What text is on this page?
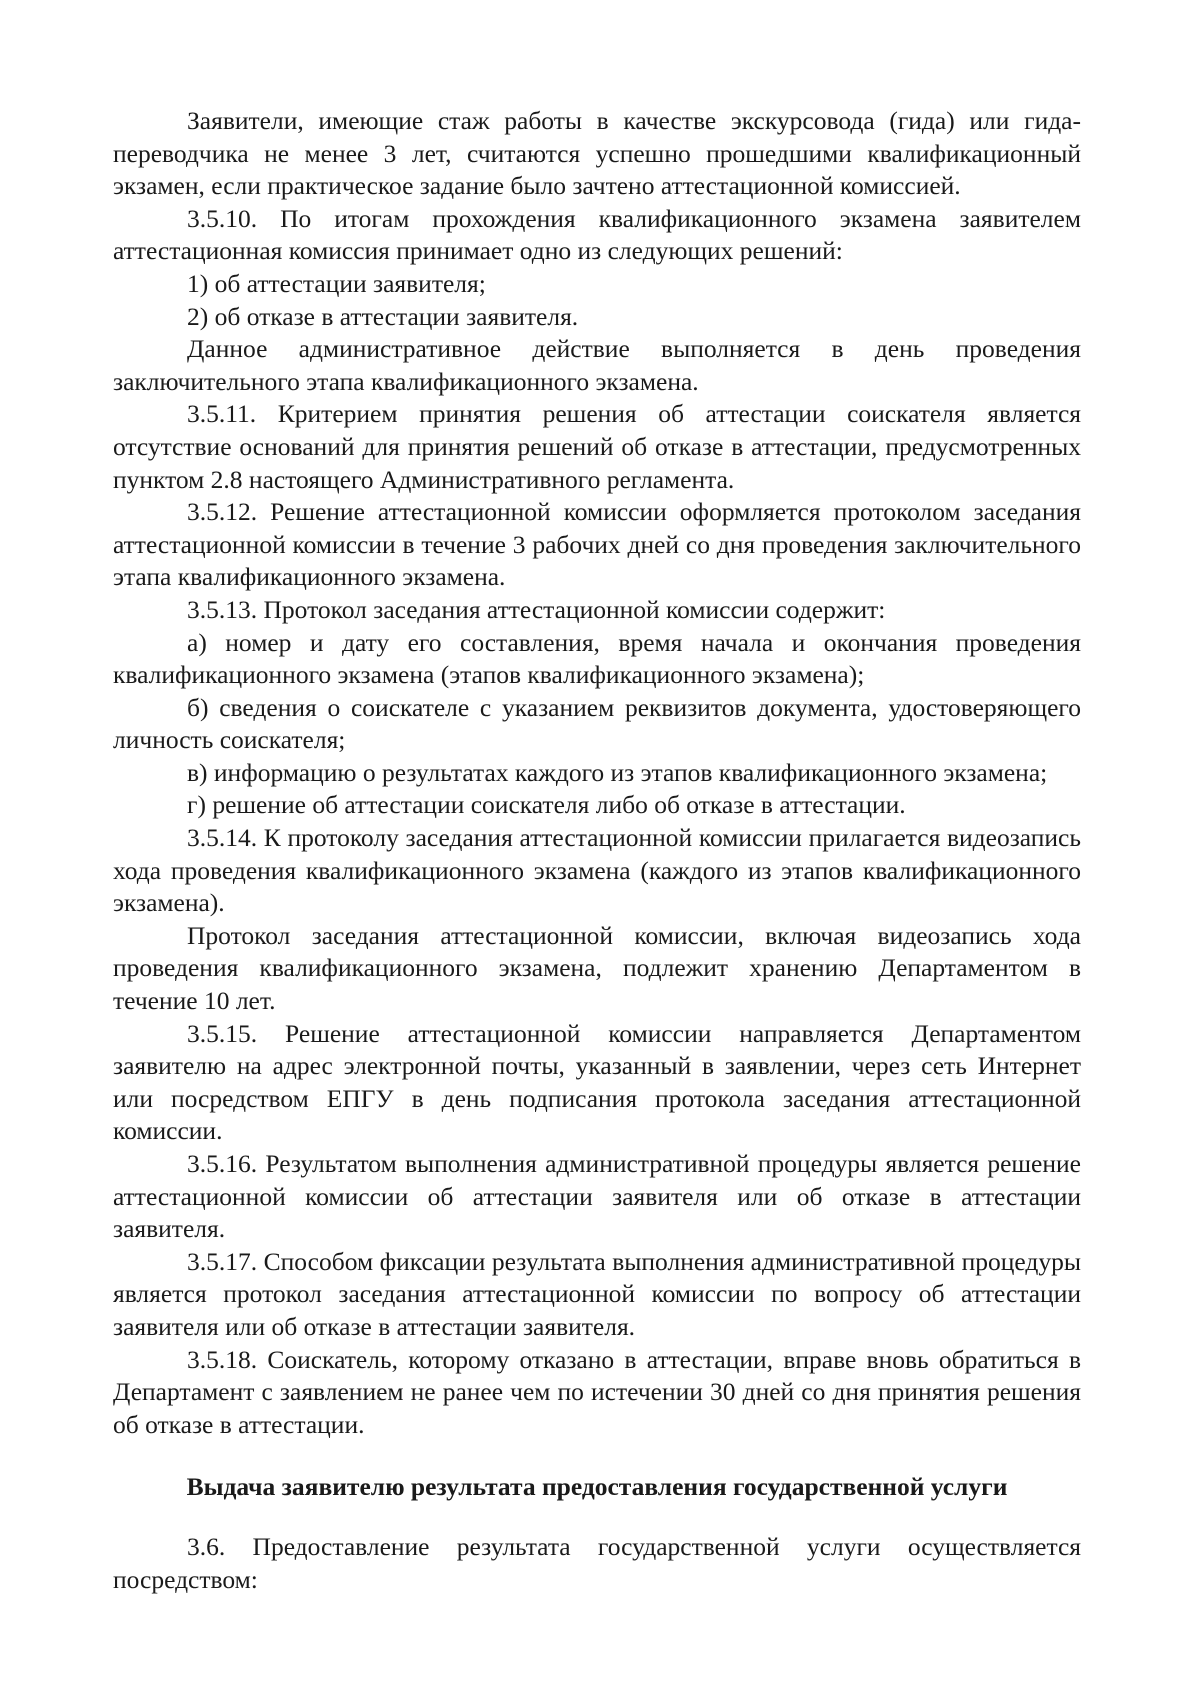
Заявители, имеющие стаж работы в качестве экскурсовода (гида) или гида-переводчика не менее 3 лет, считаются успешно прошедшими квалификационный экзамен, если практическое задание было зачтено аттестационной комиссией.

3.5.10. По итогам прохождения квалификационного экзамена заявителем аттестационная комиссия принимает одно из следующих решений:

1) об аттестации заявителя;

2) об отказе в аттестации заявителя.

Данное административное действие выполняется в день проведения заключительного этапа квалификационного экзамена.

3.5.11. Критерием принятия решения об аттестации соискателя является отсутствие оснований для принятия решений об отказе в аттестации, предусмотренных пунктом 2.8 настоящего Административного регламента.

3.5.12. Решение аттестационной комиссии оформляется протоколом заседания аттестационной комиссии в течение 3 рабочих дней со дня проведения заключительного этапа квалификационного экзамена.

3.5.13. Протокол заседания аттестационной комиссии содержит:

а) номер и дату его составления, время начала и окончания проведения квалификационного экзамена (этапов квалификационного экзамена);

б) сведения о соискателе с указанием реквизитов документа, удостоверяющего личность соискателя;

в) информацию о результатах каждого из этапов квалификационного экзамена;

г) решение об аттестации соискателя либо об отказе в аттестации.

3.5.14. К протоколу заседания аттестационной комиссии прилагается видеозапись хода проведения квалификационного экзамена (каждого из этапов квалификационного экзамена).

Протокол заседания аттестационной комиссии, включая видеозапись хода проведения квалификационного экзамена, подлежит хранению Департаментом в течение 10 лет.

3.5.15. Решение аттестационной комиссии направляется Департаментом заявителю на адрес электронной почты, указанный в заявлении, через сеть Интернет или посредством ЕПГУ в день подписания протокола заседания аттестационной комиссии.

3.5.16. Результатом выполнения административной процедуры является решение аттестационной комиссии об аттестации заявителя или об отказе в аттестации заявителя.

3.5.17. Способом фиксации результата выполнения административной процедуры является протокол заседания аттестационной комиссии по вопросу об аттестации заявителя или об отказе в аттестации заявителя.

3.5.18. Соискатель, которому отказано в аттестации, вправе вновь обратиться в Департамент с заявлением не ранее чем по истечении 30 дней со дня принятия решения об отказе в аттестации.

Выдача заявителю результата предоставления государственной услуги

3.6. Предоставление результата государственной услуги осуществляется посредством:
